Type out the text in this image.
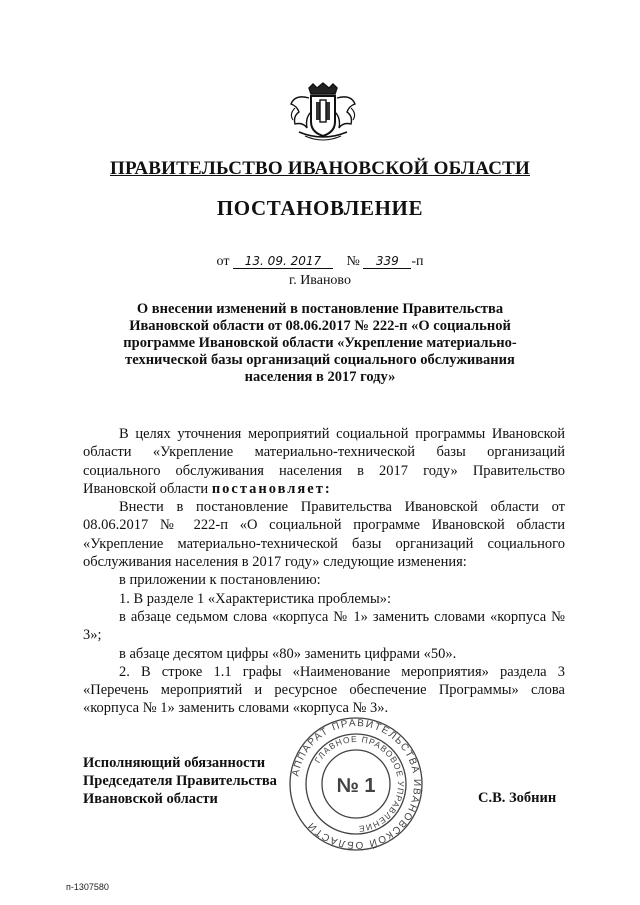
ПРАВИТЕЛЬСТВО ИВАНОВСКОЙ ОБЛАСТИ
ПОСТАНОВЛЕНИЕ
от 13. 09. 2017 № 339 -п
г. Иваново
О внесении изменений в постановление Правительства Ивановской области от 08.06.2017 № 222-п «О социальной программе Ивановской области «Укрепление материально-технической базы организаций социального обслуживания населения в 2017 году»

В целях уточнения мероприятий социальной программы Ивановской области «Укрепление материально-технической базы организаций социального обслуживания населения в 2017 году» Правительство Ивановской области постановляет:

Внести в постановление Правительства Ивановской области от 08.06.2017 № 222-п «О социальной программе Ивановской области «Укрепление материально-технической базы организаций социального обслуживания населения в 2017 году» следующие изменения:

в приложении к постановлению:

1. В разделе 1 «Характеристика проблемы»:

в абзаце седьмом слова «корпуса № 1» заменить словами «корпуса № 3»;

в абзаце десятом цифры «80» заменить цифрами «50».

2. В строке 1.1 графы «Наименование мероприятия» раздела 3 «Перечень мероприятий и ресурсное обеспечение Программы» слова «корпуса № 1» заменить словами «корпуса № 3».

Исполняющий обязанности
Председателя Правительства
Ивановской области
АППАРАТ ПРАВИТЕЛЬСТВА ИВАНОВСКОЙ ОБЛАСТИ
ГЛАВНОЕ ПРАВОВОЕ УПРАВЛЕНИЕ
№ 1
С.В. Зобнин
п-1307580
